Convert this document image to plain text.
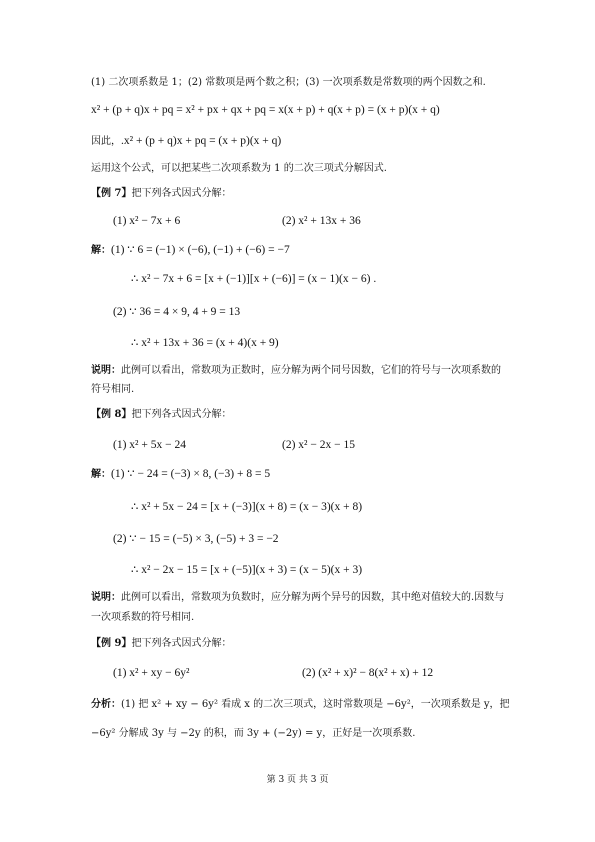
(1) 二次项系数是 1；(2) 常数项是两个数之积；(3) 一次项系数是常数项的两个因数之和.
x² + (p + q)x + pq = x² + px + qx + pq = x(x + p) + q(x + p) = (x + p)(x + q)
因此，.x² + (p + q)x + pq = (x + p)(x + q)
运用这个公式，可以把某些二次项系数为 1 的二次三项式分解因式.
【例 7】把下列各式因式分解：
(1) x² − 7x + 6	(2) x² + 13x + 36
解：(1) ∵ 6 = (−1) × (−6), (−1) + (−6) = −7
∴ x² − 7x + 6 = [x + (−1)][x + (−6)] = (x − 1)(x − 6) .
(2) ∵ 36 = 4 × 9, 4 + 9 = 13
∴ x² + 13x + 36 = (x + 4)(x + 9)
说明：此例可以看出，常数项为正数时，应分解为两个同号因数，它们的符号与一次项系数的
符号相同.
【例 8】把下列各式因式分解：
(1) x² + 5x − 24	(2) x² − 2x − 15
解：(1) ∵ − 24 = (−3) × 8, (−3) + 8 = 5
∴ x² + 5x − 24 = [x + (−3)](x + 8) = (x − 3)(x + 8)
(2) ∵ − 15 = (−5) × 3, (−5) + 3 = −2
∴ x² − 2x − 15 = [x + (−5)](x + 3) = (x − 5)(x + 3)
说明：此例可以看出，常数项为负数时，应分解为两个异号的因数，其中绝对值较大的.因数与
一次项系数的符号相同.
【例 9】把下列各式因式分解：
(1) x² + xy − 6y²	(2) (x² + x)² − 8(x² + x) + 12
分析：(1) 把 x² + xy − 6y² 看成 x 的二次三项式，这时常数项是 −6y²，一次项系数是 y，把
−6y² 分解成 3y 与 −2y 的积，而 3y + (−2y) = y，正好是一次项系数.
第 3 页 共 3 页
